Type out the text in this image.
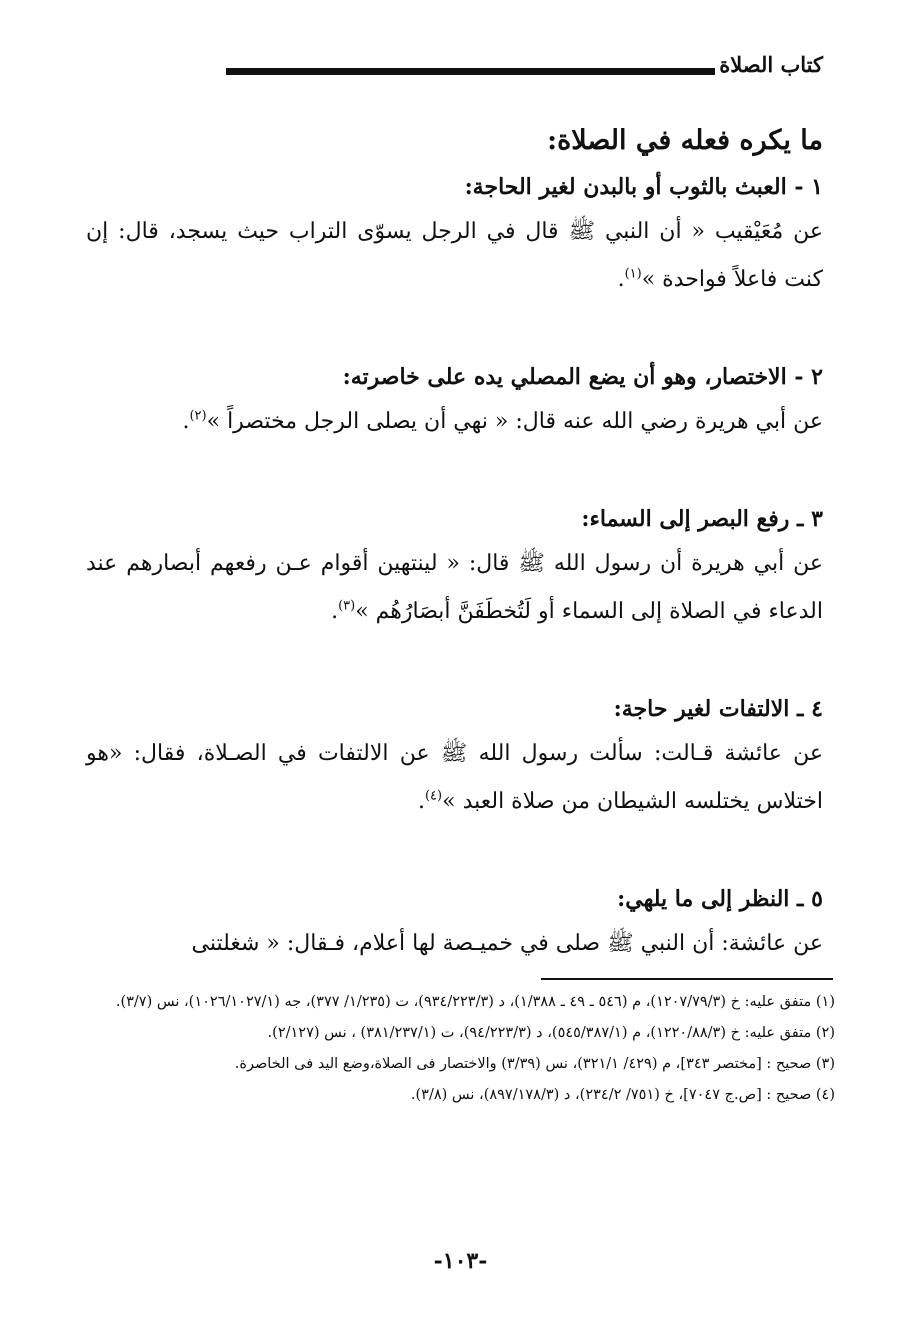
كتاب الصلاة
ما يكره فعله في الصلاة:

١ - العبث بالثوب أو بالبدن لغير الحاجة:

عن مُعَيْقيب « أن النبي ﷺ قال في الرجل يسوّى التراب حيث يسجد، قال: إن كنت فاعلاً فواحدة »$^{(١)}$.

٢ - الاختصار، وهو أن يضع المصلي يده على خاصرته:

عن أبي هريرة رضي الله عنه قال: « نهي أن يصلى الرجل مختصراً »$^{(٢)}$.

٣ ـ رفع البصر إلى السماء:

عن أبي هريرة أن رسول الله ﷺ قال: « لينتهين أقوام عـن رفعهم أبصارهم عند الدعاء في الصلاة إلى السماء أو لَتُخطَفَنَّ أبصَارُهُم »$^{(٣)}$.

٤ ـ الالتفات لغير حاجة:

عن عائشة قـالت: سألت رسول الله ﷺ عن الالتفات في الصـلاة، فقال: «هو اختلاس يختلسه الشيطان من صلاة العبد »$^{(٤)}$.

٥ ـ النظر إلى ما يلهي:

عن عائشة: أن النبي ﷺ صلى في خميـصة لها أعلام، فـقال: « شغلتنى

(١) متفق عليه: خ (١٢٠٧/٧٩/٣)، م (٥٤٦ ـ ٤٩ ـ ١/٣٨٨)، د (٩٣٤/٢٢٣/٣)، ت (١/٢٣٥/ ٣٧٧)، جه (١٠٢٦/١٠٢٧/١)، نس (٣/٧).

(٢) متفق عليه: خ (١٢٢٠/٨٨/٣)، م (٥٤٥/٣٨٧/١)، د (٩٤/٢٢٣/٣)، ت (٣٨١/٢٣٧/١) ، نس (٢/١٢٧).

(٣) صحيح : [مختصر ٣٤٣]، م (٤٢٩/ ٣٢١/١)، نس (٣/٣٩) والاختصار فى الصلاة،وضع اليد فى الخاصرة.

(٤) صحيح : [ص.ج ٧٠٤٧]، خ (٧٥١/ ٢٣٤/٢)، د (٨٩٧/١٧٨/٣)، نس (٣/٨).

-١٠٣-
